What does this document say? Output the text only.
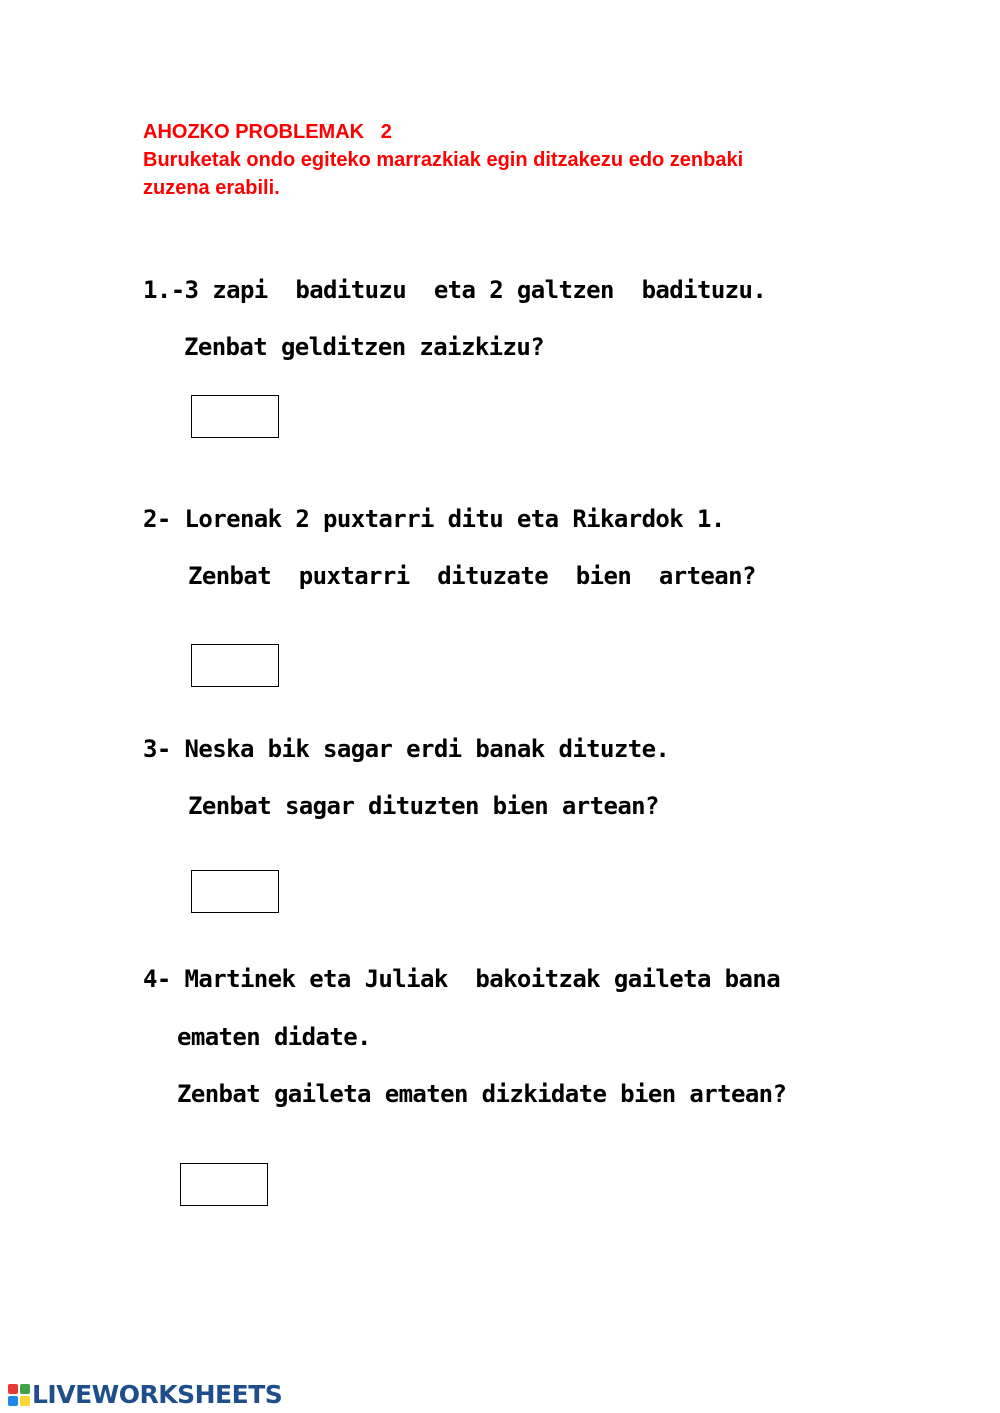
AHOZKO PROBLEMAK   2
Buruketak ondo egiteko marrazkiak egin ditzakezu edo zenbaki
zuzena erabili.
1.-3 zapi  badituzu  eta 2 galtzen  badituzu.
Zenbat gelditzen zaizkizu?
2- Lorenak 2 puxtarri ditu eta Rikardok 1.
Zenbat  puxtarri  dituzate  bien  artean?
3- Neska bik sagar erdi banak dituzte.
Zenbat sagar dituzten bien artean?
4- Martinek eta Juliak  bakoitzak gaileta bana
ematen didate.
Zenbat gaileta ematen dizkidate bien artean?
LIVEWORKSHEETS
